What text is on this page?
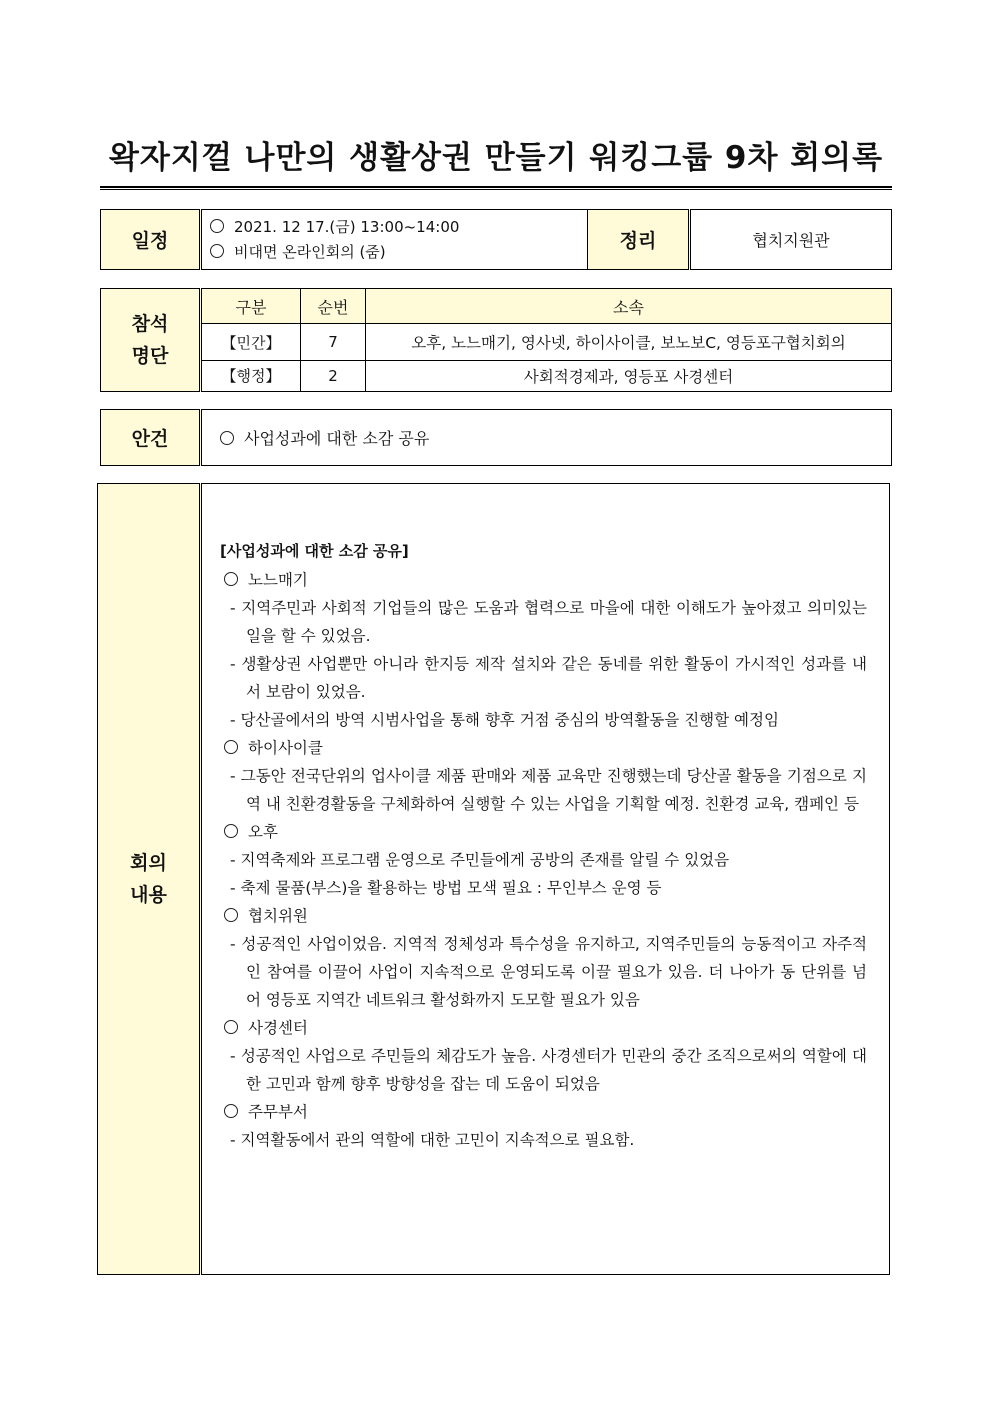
왁자지껄 나만의 생활상권 만들기 워킹그룹 9차 회의록
일정	
2021. 12 17.(금) 13:00~14:00
비대면 온라인회의 (줌)	정리	협치지원관
참석
명단	구분	순번	소속
	【민간】	7	오후, 노느매기, 영사넷, 하이사이클, 보노보C, 영등포구협치회의
	【행정】	2	사회적경제과, 영등포 사경센터
안건	사업성과에 대한 소감 공유
회의
내용

[사업성과에 대한 소감 공유]
노느매기
- 지역주민과 사회적 기업들의 많은 도움과 협력으로 마을에 대한 이해도가 높아졌고 의미있는 일을 할 수 있었음.
- 생활상권 사업뿐만 아니라 한지등 제작 설치와 같은 동네를 위한 활동이 가시적인 성과를 내서 보람이 있었음.
- 당산골에서의 방역 시범사업을 통해 향후 거점 중심의 방역활동을 진행할 예정임
하이사이클
- 그동안 전국단위의 업사이클 제품 판매와 제품 교육만 진행했는데 당산골 활동을 기점으로 지역 내 친환경활동을 구체화하여 실행할 수 있는 사업을 기획할 예정. 친환경 교육, 캠페인 등
오후
- 지역축제와 프로그램 운영으로 주민들에게 공방의 존재를 알릴 수 있었음
- 축제 물품(부스)을 활용하는 방법 모색 필요 : 무인부스 운영 등
협치위원
- 성공적인 사업이었음. 지역적 정체성과 특수성을 유지하고, 지역주민들의 능동적이고 자주적인 참여를 이끌어 사업이 지속적으로 운영되도록 이끌 필요가 있음. 더 나아가 동 단위를 넘어 영등포 지역간 네트워크 활성화까지 도모할 필요가 있음
사경센터
- 성공적인 사업으로 주민들의 체감도가 높음. 사경센터가 민관의 중간 조직으로써의 역할에 대한 고민과 함께 향후 방향성을 잡는 데 도움이 되었음
주무부서
- 지역활동에서 관의 역할에 대한 고민이 지속적으로 필요함.
